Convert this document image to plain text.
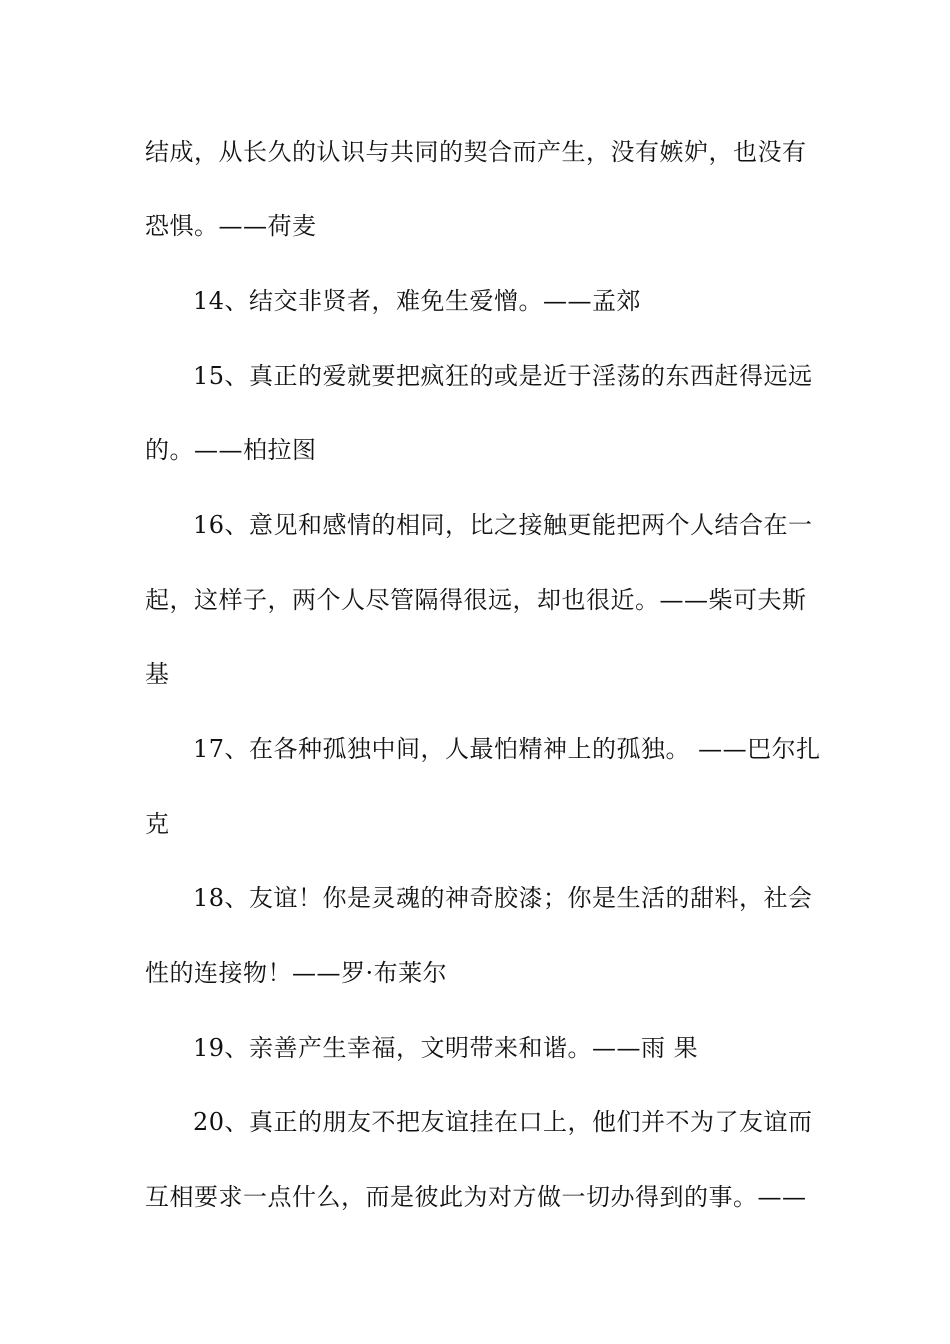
结成，从长久的认识与共同的契合而产生，没有嫉妒，也没有
恐惧。——荷麦
14、结交非贤者，难免生爱憎。——孟郊
15、真正的爱就要把疯狂的或是近于淫荡的东西赶得远远
的。——柏拉图
16、意见和感情的相同，比之接触更能把两个人结合在一
起，这样子，两个人尽管隔得很远，却也很近。——柴可夫斯
基
17、在各种孤独中间，人最怕精神上的孤独。 ——巴尔扎
克
18、友谊！你是灵魂的神奇胶漆；你是生活的甜料，社会
性的连接物！——罗·布莱尔
19、亲善产生幸福，文明带来和谐。——雨 果
20、真正的朋友不把友谊挂在口上，他们并不为了友谊而
互相要求一点什么，而是彼此为对方做一切办得到的事。——
